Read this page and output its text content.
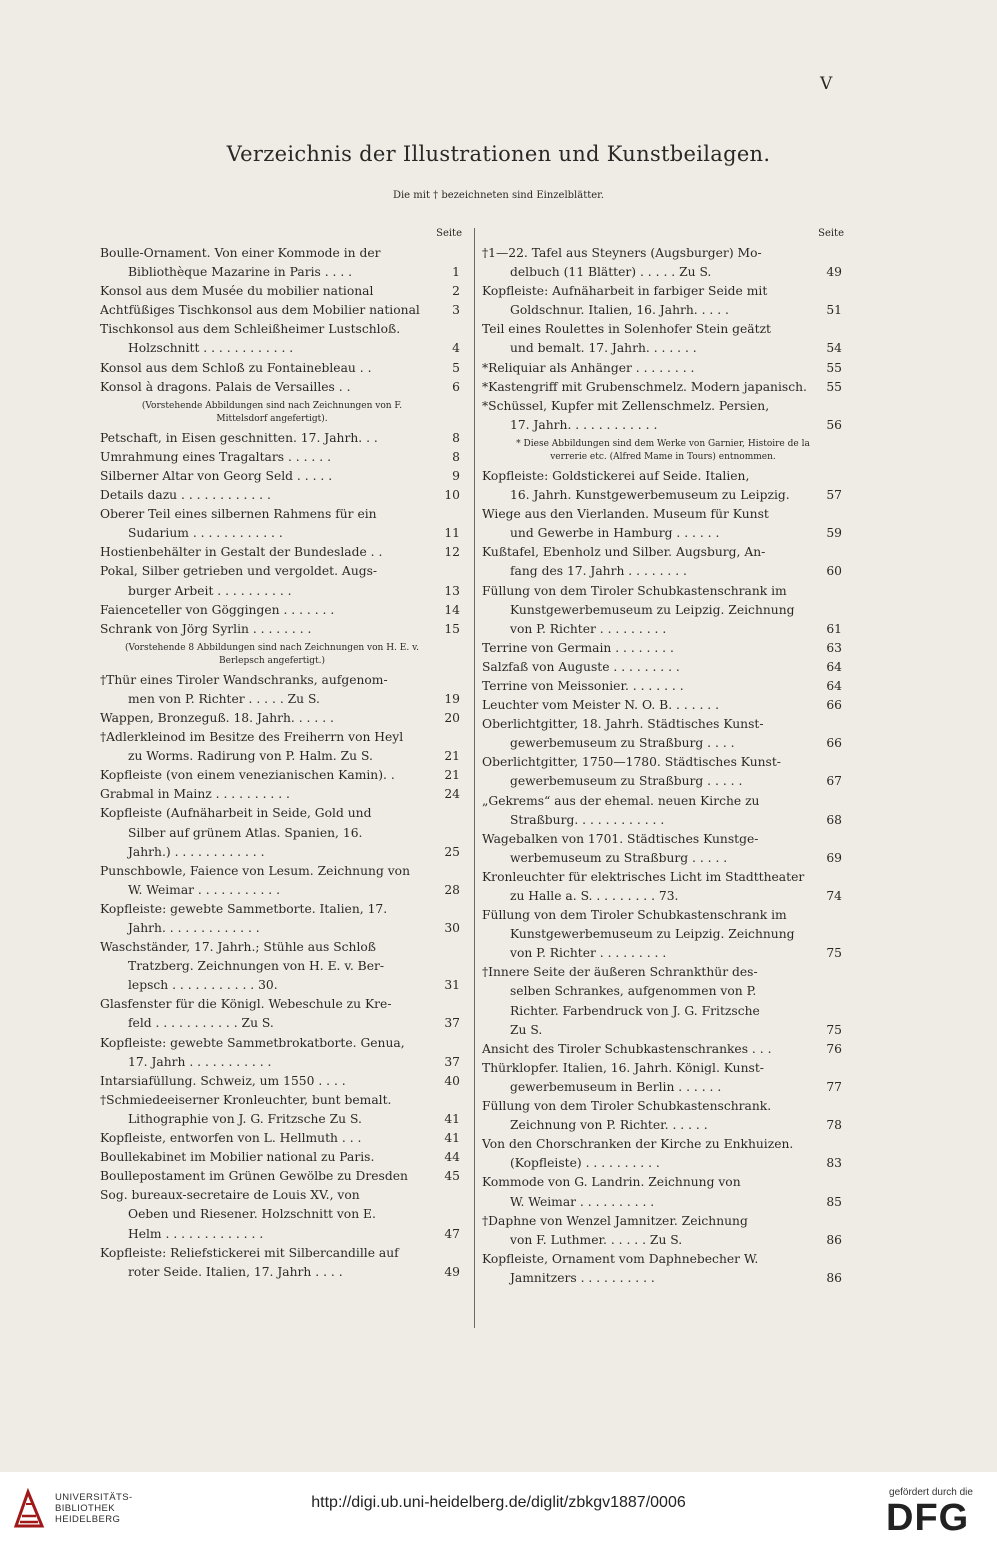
V
Verzeichnis der Illustrationen und Kunstbeilagen.
Die mit † bezeichneten sind Einzelblätter.
Seite
Boulle-Ornament. Von einer Kommode in der
Bibliothèque Mazarine in Paris . . . .	1
Konsol aus dem Musée du mobilier national	2
Achtfüßiges Tischkonsol aus dem Mobilier national	3
Tischkonsol aus dem Schleißheimer Lustschloß.
Holzschnitt . . . . . . . . . . . .	4
Konsol aus dem Schloß zu Fontainebleau . .	5
Konsol à dragons. Palais de Versailles . .	6
(Vorstehende Abbildungen sind nach Zeichnungen von F. Mittelsdorf angefertigt).
Petschaft, in Eisen geschnitten. 17. Jahrh. . .	8
Umrahmung eines Tragaltars . . . . . .	8
Silberner Altar von Georg Seld . . . . .	9
Details dazu . . . . . . . . . . . .	10
Oberer Teil eines silbernen Rahmens für ein
Sudarium . . . . . . . . . . . .	11
Hostienbehälter in Gestalt der Bundeslade . .	12
Pokal, Silber getrieben und vergoldet. Augs-
burger Arbeit . . . . . . . . . .	13
Faienceteller von Göggingen . . . . . . .	14
Schrank von Jörg Syrlin . . . . . . . .	15
(Vorstehende 8 Abbildungen sind nach Zeichnungen von H. E. v. Berlepsch angefertigt.)
†Thür eines Tiroler Wandschranks, aufgenom-
men von P. Richter . . . . . Zu S.	19
Wappen, Bronzeguß. 18. Jahrh. . . . . .	20
†Adlerkleinod im Besitze des Freiherrn von Heyl
zu Worms. Radirung von P. Halm. Zu S.	21
Kopfleiste (von einem venezianischen Kamin). .	21
Grabmal in Mainz . . . . . . . . . .	24
Kopfleiste (Aufnäharbeit in Seide, Gold und
Silber auf grünem Atlas. Spanien, 16.
Jahrh.) . . . . . . . . . . . .	25
Punschbowle, Faience von Lesum. Zeichnung von
W. Weimar . . . . . . . . . . .	28
Kopfleiste: gewebte Sammetborte. Italien, 17.
Jahrh. . . . . . . . . . . . .	30
Waschständer, 17. Jahrh.; Stühle aus Schloß
Tratzberg. Zeichnungen von H. E. v. Ber-
lepsch . . . . . . . . . . . 30.	31
Glasfenster für die Königl. Webeschule zu Kre-
feld . . . . . . . . . . . Zu S.	37
Kopfleiste: gewebte Sammetbrokatborte. Genua,
17. Jahrh . . . . . . . . . . .	37
Intarsiafüllung. Schweiz, um 1550 . . . .	40
†Schmiedeeiserner Kronleuchter, bunt bemalt.
Lithographie von J. G. Fritzsche Zu S.	41
Kopfleiste, entworfen von L. Hellmuth . . .	41
Boullekabinet im Mobilier national zu Paris.	44
Boullepostament im Grünen Gewölbe zu Dresden	45
Sog. bureaux-secretaire de Louis XV., von
Oeben und Riesener. Holzschnitt von E.
Helm . . . . . . . . . . . . .	47
Kopfleiste: Reliefstickerei mit Silbercandille auf
roter Seide. Italien, 17. Jahrh . . . .	49
Seite
†1—22. Tafel aus Steyners (Augsburger) Mo-
delbuch (11 Blätter) . . . . . Zu S.	49
Kopfleiste: Aufnäharbeit in farbiger Seide mit
Goldschnur. Italien, 16. Jahrh. . . . .	51
Teil eines Roulettes in Solenhofer Stein geätzt
und bemalt. 17. Jahrh. . . . . . .	54
*Reliquiar als Anhänger . . . . . . . .	55
*Kastengriff mit Grubenschmelz. Modern japanisch.	55
*Schüssel, Kupfer mit Zellenschmelz. Persien,
17. Jahrh. . . . . . . . . . . .	56
* Diese Abbildungen sind dem Werke von Garnier, Histoire de la verrerie etc. (Alfred Mame in Tours) entnommen.
Kopfleiste: Goldstickerei auf Seide. Italien,
16. Jahrh. Kunstgewerbemuseum zu Leipzig.	57
Wiege aus den Vierlanden. Museum für Kunst
und Gewerbe in Hamburg . . . . . .	59
Kußtafel, Ebenholz und Silber. Augsburg, An-
fang des 17. Jahrh . . . . . . . .	60
Füllung von dem Tiroler Schubkastenschrank im
Kunstgewerbemuseum zu Leipzig. Zeichnung
von P. Richter . . . . . . . . .	61
Terrine von Germain . . . . . . . .	63
Salzfaß von Auguste . . . . . . . . .	64
Terrine von Meissonier. . . . . . . .	64
Leuchter vom Meister N. O. B. . . . . . .	66
Oberlichtgitter, 18. Jahrh. Städtisches Kunst-
gewerbemuseum zu Straßburg . . . .	66
Oberlichtgitter, 1750—1780. Städtisches Kunst-
gewerbemuseum zu Straßburg . . . . .	67
„Gekrems“ aus der ehemal. neuen Kirche zu
Straßburg. . . . . . . . . . . .	68
Wagebalken von 1701. Städtisches Kunstge-
werbemuseum zu Straßburg . . . . .	69
Kronleuchter für elektrisches Licht im Stadttheater
zu Halle a. S. . . . . . . . . 73.	74
Füllung von dem Tiroler Schubkastenschrank im
Kunstgewerbemuseum zu Leipzig. Zeichnung
von P. Richter . . . . . . . . .	75
†Innere Seite der äußeren Schrankthür des-
selben Schrankes, aufgenommen von P.
Richter. Farbendruck von J. G. Fritzsche
Zu S.	75
Ansicht des Tiroler Schubkastenschrankes . . .	76
Thürklopfer. Italien, 16. Jahrh. Königl. Kunst-
gewerbemuseum in Berlin . . . . . .	77
Füllung von dem Tiroler Schubkastenschrank.
Zeichnung von P. Richter. . . . . .	78
Von den Chorschranken der Kirche zu Enkhuizen.
(Kopfleiste) . . . . . . . . . .	83
Kommode von G. Landrin. Zeichnung von
W. Weimar . . . . . . . . . .	85
†Daphne von Wenzel Jamnitzer. Zeichnung
von F. Luthmer. . . . . . Zu S.	86
Kopfleiste, Ornament vom Daphnebecher W.
Jamnitzers . . . . . . . . . .	86
UNIVERSITÄTS-
BIBLIOTHEK
HEIDELBERG
http://digi.ub.uni-heidelberg.de/diglit/zbkgv1887/0006
gefördert durch die
DFG
